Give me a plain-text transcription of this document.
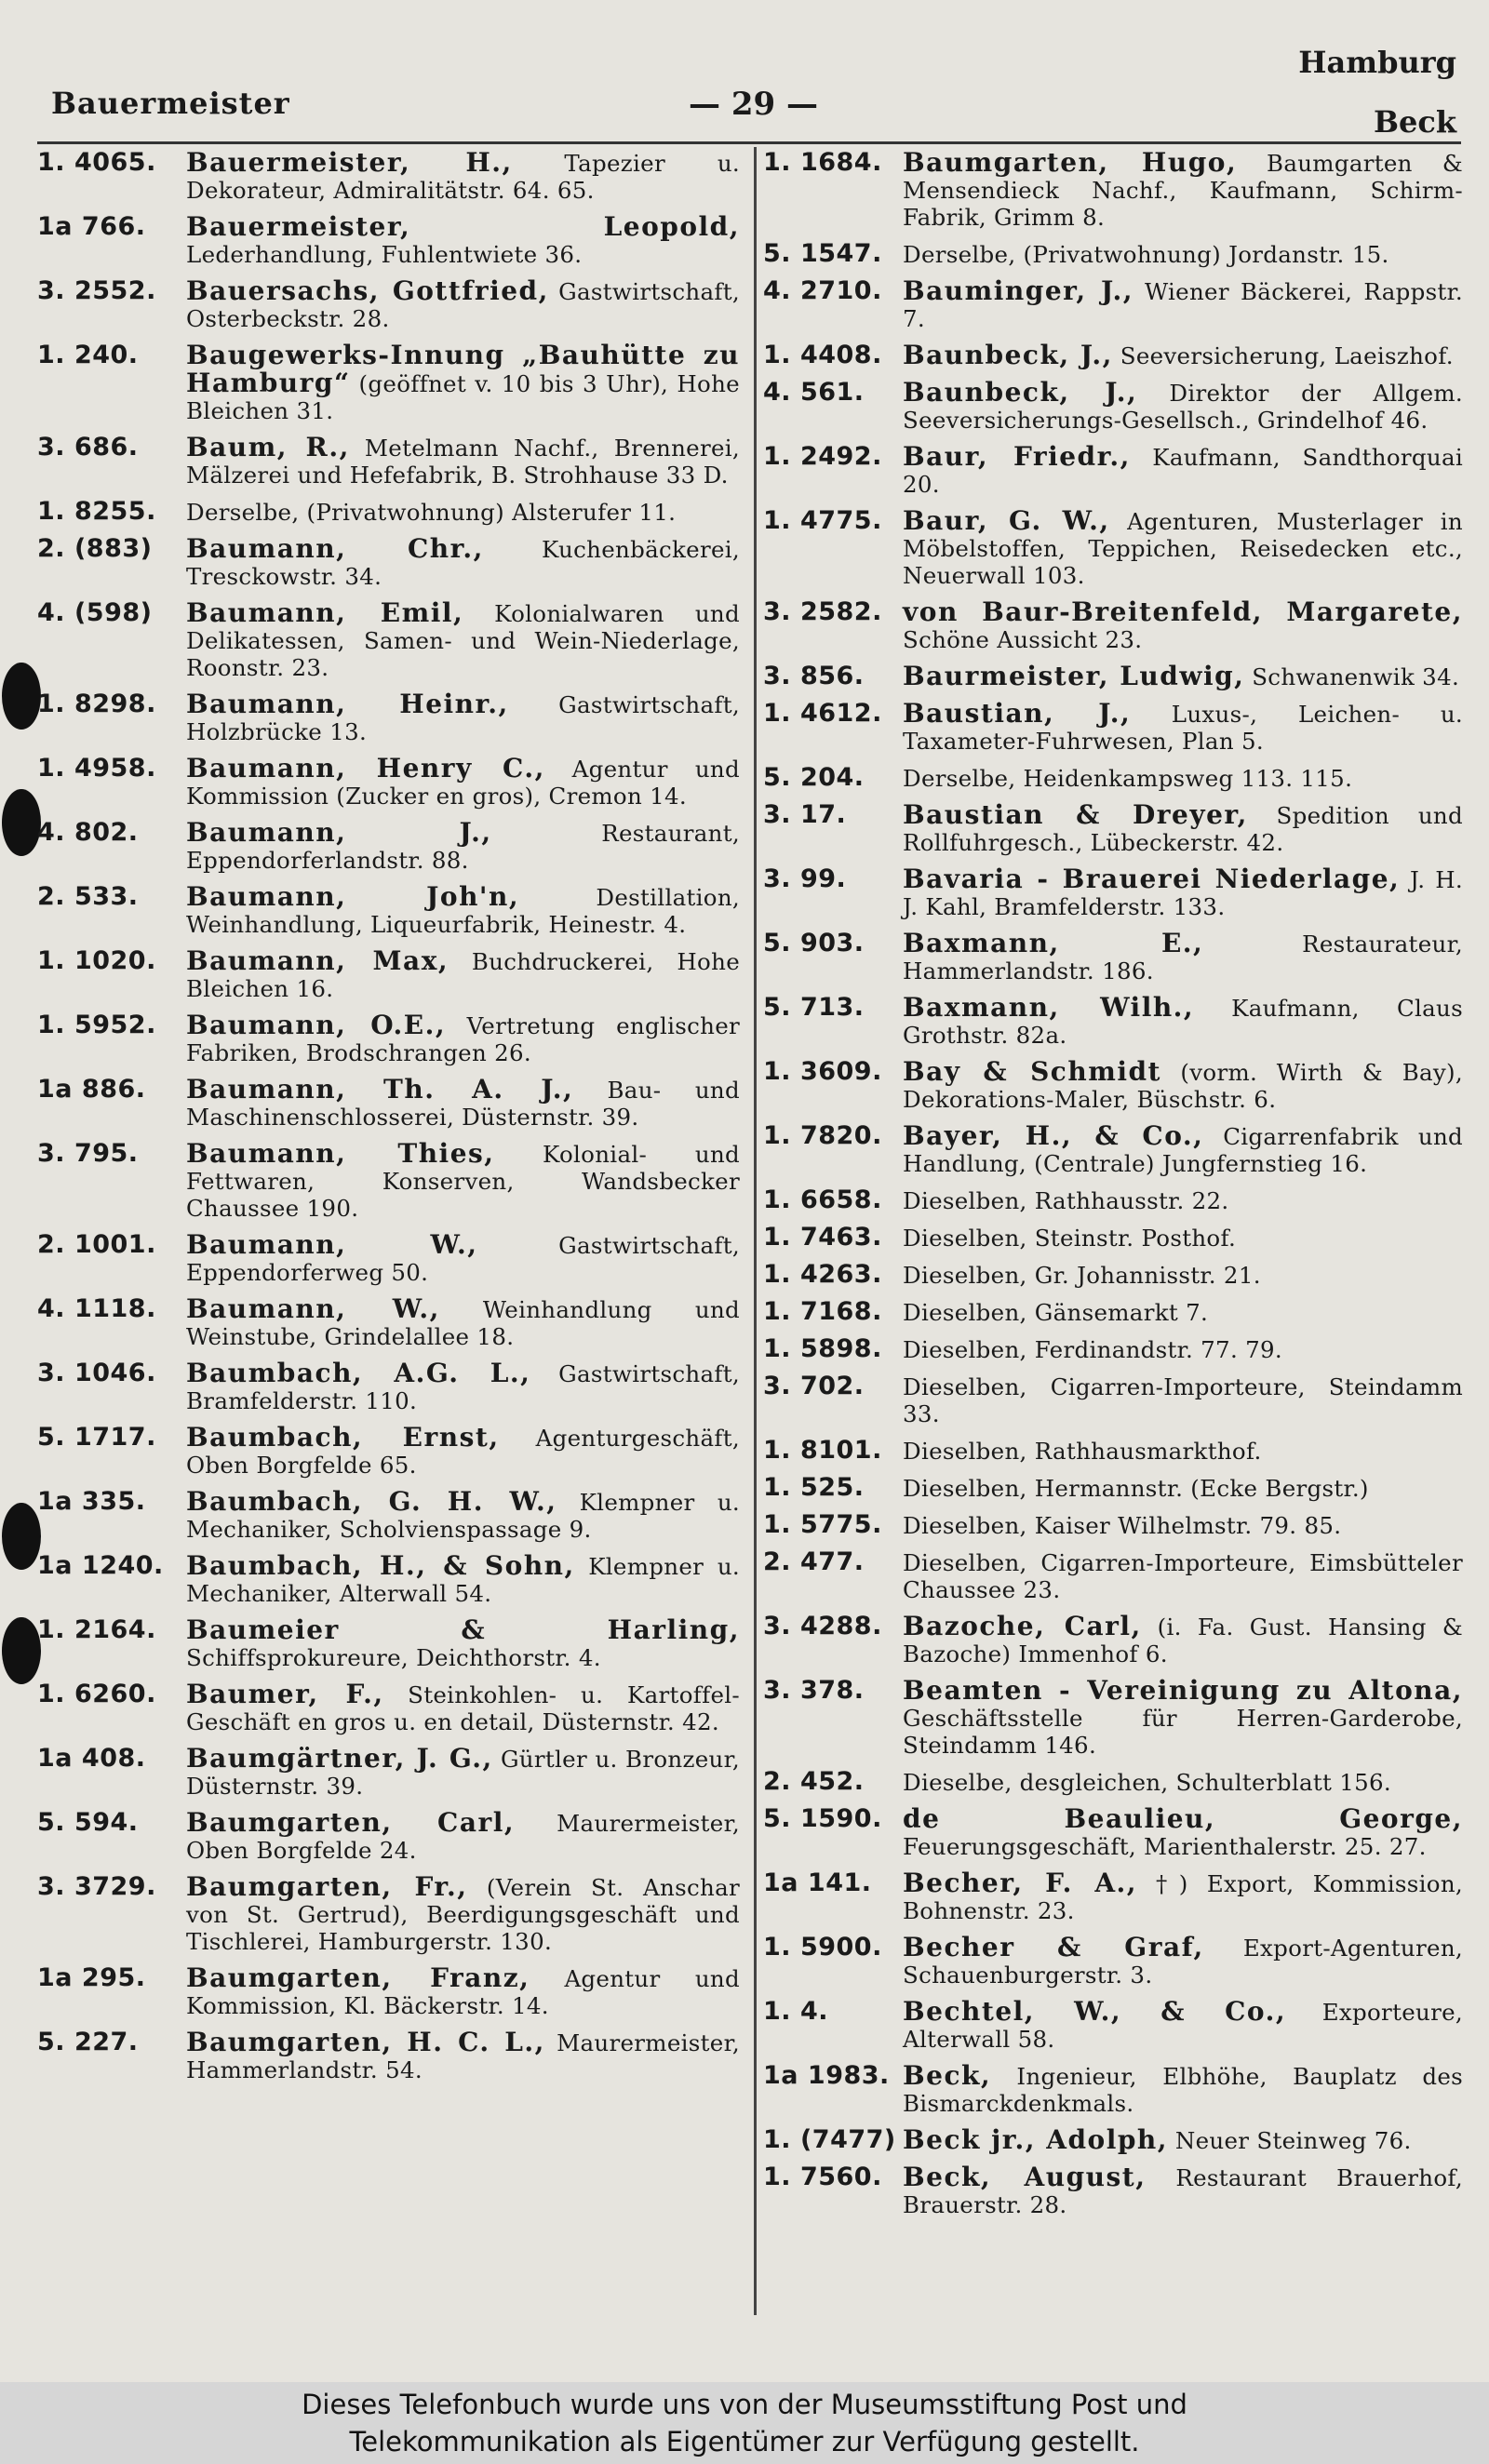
Bauermeister	— 29 —
Hamburg
Beck
1. 4065.	Bauermeister, H., Tapezier u. Dekorateur, Admiralitätstr. 64. 65.
1a 766.	Bauermeister, Leopold, Lederhandlung, Fuhlentwiete 36.
3. 2552.	Bauersachs, Gottfried, Gastwirtschaft, Osterbeckstr. 28.
1. 240.	Baugewerks-Innung „Bauhütte zu Hamburg“ (geöffnet v. 10 bis 3 Uhr), Hohe Bleichen 31.
3. 686.	Baum, R., Metelmann Nachf., Brennerei, Mälzerei und Hefefabrik, B. Strohhause 33 D.
1. 8255.	Derselbe, (Privatwohnung) Alsterufer 11.
2. (883)	Baumann, Chr.,	Kuchenbäckerei, Tresckowstr. 34.
4. (598)	Baumann, Emil, Kolonialwaren und Delikatessen, Samen- und Wein-Niederlage, Roonstr. 23.
1. 8298.	Baumann, Heinr., Gastwirtschaft, Holzbrücke 13.
1. 4958.	Baumann, Henry C., Agentur und Kommission (Zucker en gros), Cremon 14.
4. 802.	Baumann, J.,	Restaurant, Eppendorferlandstr. 88.
2. 533.	Baumann, Joh'n,	Destillation, Weinhandlung, Liqueurfabrik, Heinestr. 4.
1. 1020.	Baumann, Max, Buchdruckerei, Hohe Bleichen 16.
1. 5952.	Baumann, O.E., Vertretung englischer Fabriken, Brodschrangen 26.
1a 886.	Baumann, Th. A. J., Bau- und Maschinenschlosserei, Düsternstr. 39.
3. 795.	Baumann, Thies, Kolonial- und Fettwaren, Konserven, Wandsbecker Chaussee 190.
2. 1001.	Baumann, W.,	Gastwirtschaft, Eppendorferweg 50.
4. 1118.	Baumann, W., Weinhandlung und Weinstube, Grindelallee 18.
3. 1046.	Baumbach, A.G. L., Gastwirtschaft, Bramfelderstr. 110.
5. 1717.	Baumbach, Ernst, Agenturgeschäft, Oben Borgfelde 65.
1a 335.	Baumbach, G. H. W., Klempner u. Mechaniker, Scholvienspassage 9.
1a 1240. Baumbach, H., & Sohn, Klempner u. Mechaniker, Alterwall 54.
1. 2164.	Baumeier & Harling, Schiffsprokureure, Deichthorstr. 4.
1. 6260.	Baumer, F., Steinkohlen- u. Kartoffel-Geschäft en gros u. en detail, Düsternstr. 42.
1a 408.	Baumgärtner, J. G., Gürtler u. Bronzeur, Düsternstr. 39.
5. 594.	Baumgarten, Carl, Maurermeister, Oben Borgfelde 24.
3. 3729.	Baumgarten, Fr., (Verein St. Anschar von St. Gertrud), Beerdigungsgeschäft und Tischlerei, Hamburgerstr. 130.
1a 295.	Baumgarten, Franz, Agentur und Kommission, Kl. Bäckerstr. 14.
5. 227.	Baumgarten, H. C. L., Maurermeister, Hammerlandstr. 54.
1. 1684. Baumgarten, Hugo, Baumgarten & Mensendieck Nachf., Kaufmann, Schirm-Fabrik, Grimm 8.
5. 1547. Derselbe, (Privatwohnung) Jordanstr. 15.
4. 2710. Bauminger, J., Wiener Bäckerei, Rappstr. 7.
1. 4408. Baunbeck, J., Seeversicherung, Laeiszhof.
4. 561.	Baunbeck, J., Direktor der Allgem. Seeversicherungs-Gesellsch., Grindelhof 46.
1. 2492. Baur, Friedr., Kaufmann, Sandthorquai 20.
1. 4775. Baur, G. W., Agenturen, Musterlager in Möbelstoffen, Teppichen, Reisedecken etc., Neuerwall 103.
3. 2582. von Baur-Breitenfeld, Margarete, Schöne Aussicht 23.
3. 856.	Baurmeister, Ludwig, Schwanenwik 34.
1. 4612. Baustian, J., Luxus-, Leichen- u. Taxameter-Fuhrwesen, Plan 5.
5. 204.	Derselbe, Heidenkampsweg 113. 115.
3. 17.	Baustian & Dreyer, Spedition und Rollfuhrgesch., Lübeckerstr. 42.
3. 99.	Bavaria - Brauerei Niederlage, J. H. J. Kahl, Bramfelderstr. 133.
5. 903.	Baxmann, E.,	Restaurateur, Hammerlandstr. 186.
5. 713.	Baxmann, Wilh., Kaufmann, Claus Grothstr. 82a.
1. 3609. Bay & Schmidt (vorm. Wirth & Bay), Dekorations-Maler, Büschstr. 6.
1. 7820. Bayer, H., & Co., Cigarrenfabrik und Handlung, (Centrale) Jungfernstieg 16.
1. 6658. Dieselben, Rathhausstr. 22.
1. 7463. Dieselben, Steinstr. Posthof.
1. 4263. Dieselben, Gr. Johannisstr. 21.
1. 7168. Dieselben, Gänsemarkt 7.
1. 5898. Dieselben, Ferdinandstr. 77. 79.
3. 702.	Dieselben, Cigarren-Importeure, Steindamm 33.
1. 8101. Dieselben, Rathhausmarkthof.
1. 525.	Dieselben, Hermannstr. (Ecke Bergstr.)
1. 5775. Dieselben, Kaiser Wilhelmstr. 79. 85.
2. 477.	Dieselben, Cigarren-Importeure, Eimsbütteler Chaussee 23.
3. 4288. Bazoche, Carl, (i. Fa. Gust. Hansing & Bazoche) Immenhof 6.
3. 378.	Beamten - Vereinigung zu Altona, Geschäftsstelle für Herren-Garderobe, Steindamm 146.
2. 452.	Dieselbe, desgleichen, Schulterblatt 156.
5. 1590. de Beaulieu, George, Feuerungsgeschäft, Marienthalerstr. 25. 27.
1a 141.	Becher, F. A., †) Export, Kommission, Bohnenstr. 23.
1. 5900. Becher & Graf, Export-Agenturen, Schauenburgerstr. 3.
1. 4.	Bechtel, W., & Co., Exporteure, Alterwall 58.
1a 1983. Beck, Ingenieur, Elbhöhe, Bauplatz des Bismarckdenkmals.
1. (7477) Beck jr., Adolph, Neuer Steinweg 76.
1. 7560. Beck, August, Restaurant Brauerhof, Brauerstr. 28.
Dieses Telefonbuch wurde uns von der Museumsstiftung Post und
Telekommunikation als Eigentümer zur Verfügung gestellt.
